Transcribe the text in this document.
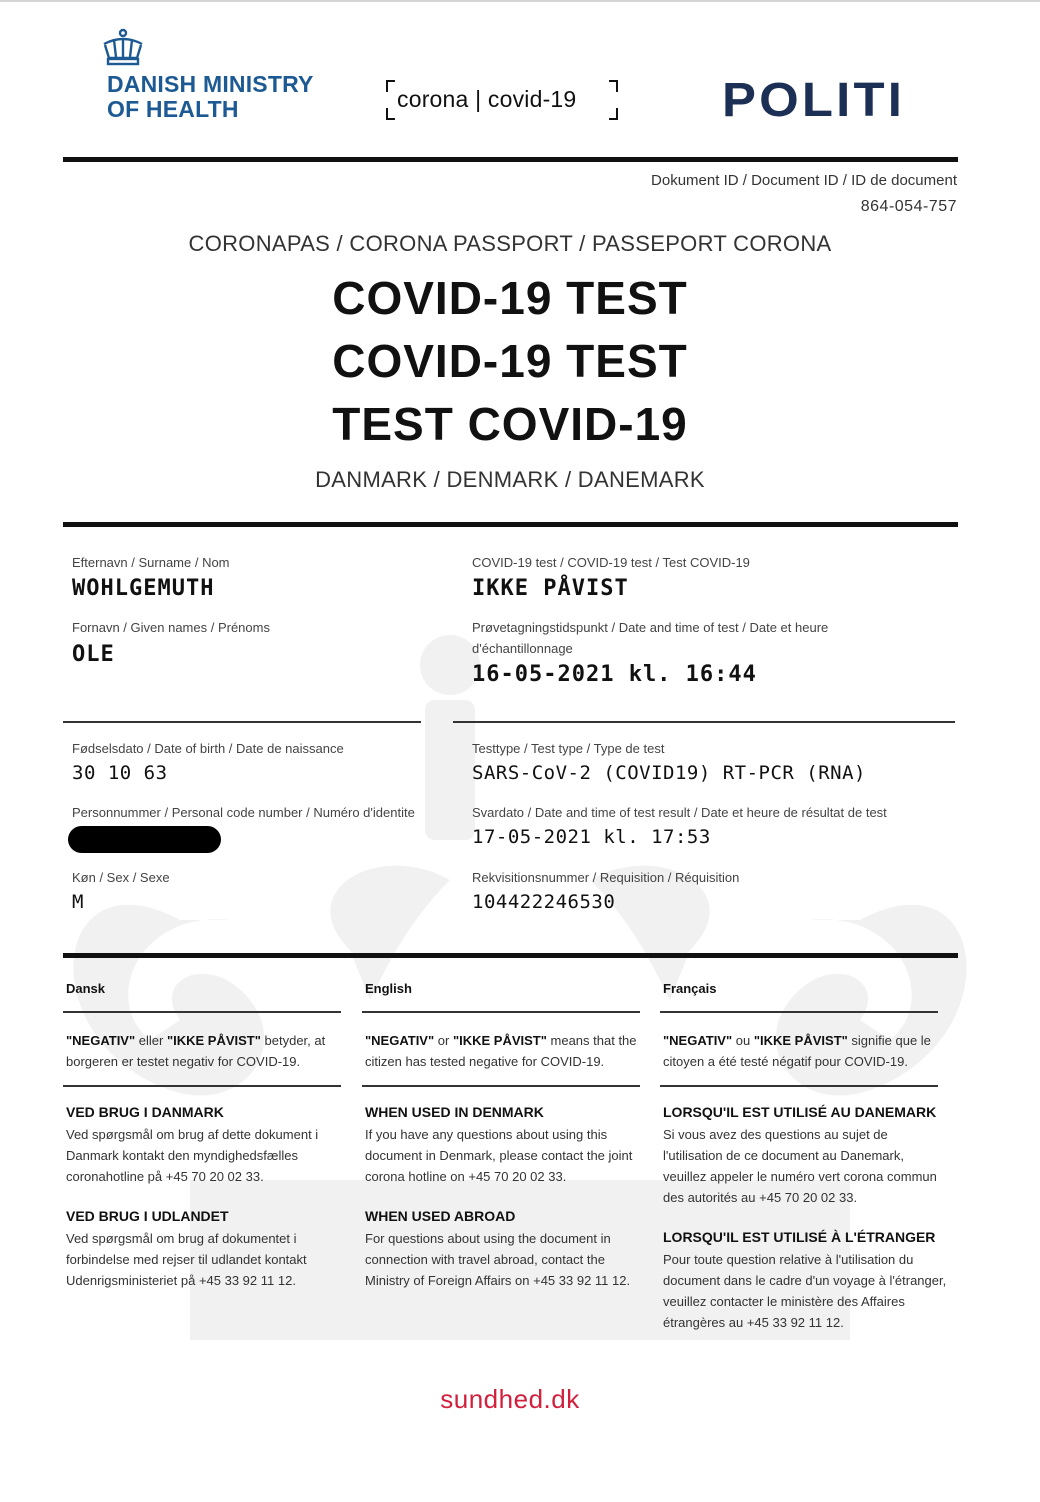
DANISH MINISTRY
OF HEALTH	corona | covid-19	POLITI
Dokument ID / Document ID / ID de document
864-054-757
CORONAPAS / CORONA PASSPORT / PASSEPORT CORONA
COVID-19 TEST
COVID-19 TEST
TEST COVID-19
DANMARK / DENMARK / DANEMARK
Efternavn / Surname / Nom
WOHLGEMUTH
Fornavn / Given names / Prénoms
OLE
COVID-19 test / COVID-19 test / Test COVID-19
IKKE PÅVIST
Prøvetagningstidspunkt / Date and time of test / Date et heure
d'échantillonnage
16-05-2021 kl. 16:44
Fødselsdato / Date of birth / Date de naissance
30 10 63
Personnummer / Personal code number / Numéro d'identite
Køn / Sex / Sexe
M
Testtype / Test type / Type de test
SARS-CoV-2 (COVID19) RT-PCR (RNA)
Svardato / Date and time of test result / Date et heure de résultat de test
17-05-2021 kl. 17:53
Rekvisitionsnummer / Requisition / Réquisition
104422246530
Dansk
"NEGATIV" eller "IKKE PÅVIST" betyder, at borgeren er testet negativ for COVID-19.
VED BRUG I DANMARK
Ved spørgsmål om brug af dette dokument i Danmark kontakt den myndighedsfælles coronahotline på +45 70 20 02 33.
VED BRUG I UDLANDET
Ved spørgsmål om brug af dokumentet i forbindelse med rejser til udlandet kontakt Udenrigsministeriet på +45 33 92 11 12.
English
"NEGATIV" or "IKKE PÅVIST" means that the citizen has tested negative for COVID-19.
WHEN USED IN DENMARK
If you have any questions about using this document in Denmark, please contact the joint corona hotline on +45 70 20 02 33.
WHEN USED ABROAD
For questions about using the document in connection with travel abroad, contact the Ministry of Foreign Affairs on +45 33 92 11 12.
Français
"NEGATIV" ou "IKKE PÅVIST" signifie que le citoyen a été testé négatif pour COVID-19.
LORSQU'IL EST UTILISÉ AU DANEMARK
Si vous avez des questions au sujet de l'utilisation de ce document au Danemark, veuillez appeler le numéro vert corona commun des autorités au +45 70 20 02 33.
LORSQU'IL EST UTILISÉ À L'ÉTRANGER
Pour toute question relative à l'utilisation du document dans le cadre d'un voyage à l'étranger, veuillez contacter le ministère des Affaires étrangères au +45 33 92 11 12.
sundhed.dk
